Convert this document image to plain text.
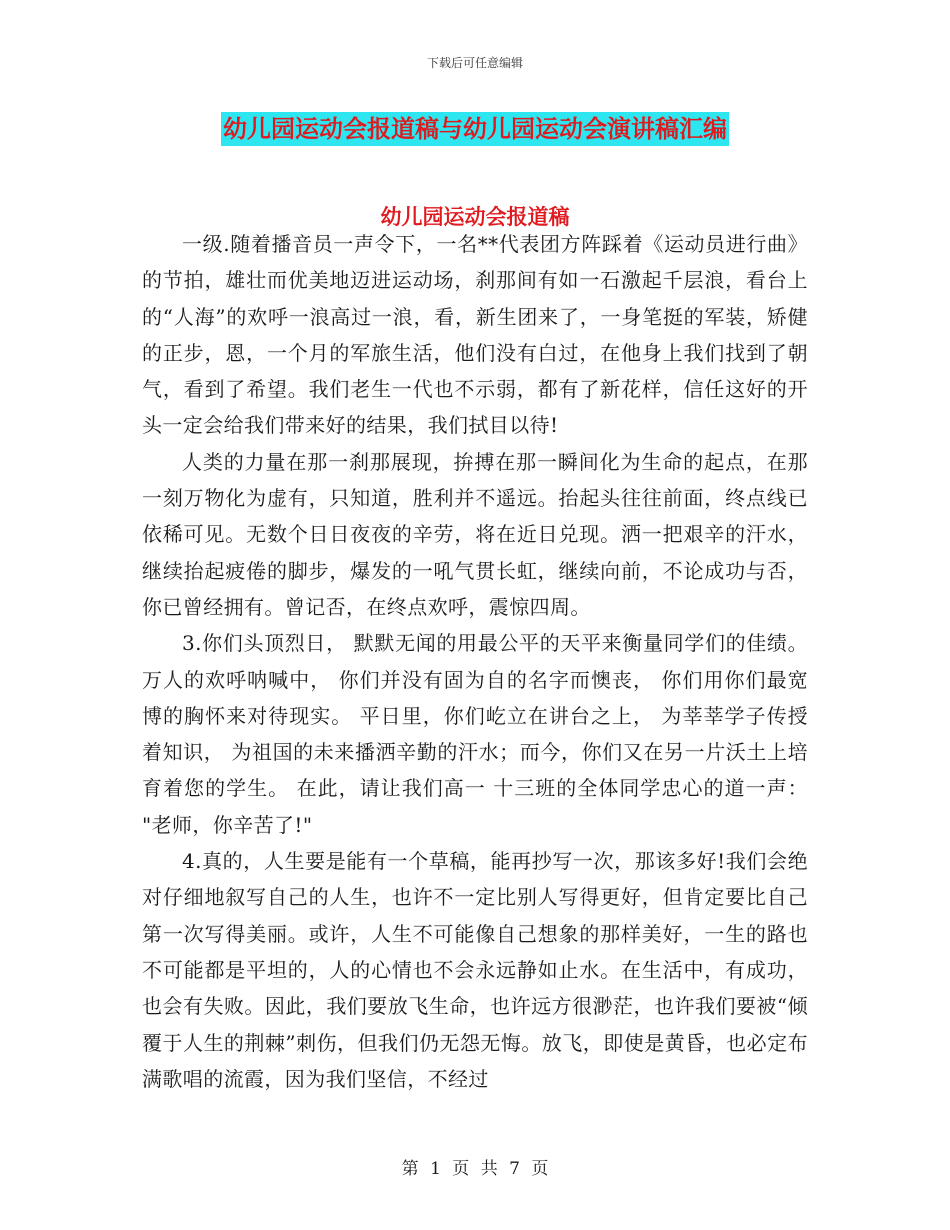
下载后可任意编辑
幼儿园运动会报道稿与幼儿园运动会演讲稿汇编
幼儿园运动会报道稿

一级.随着播音员一声令下，一名**代表团方阵踩着《运动员进行曲》的节拍，雄壮而优美地迈进运动场，刹那间有如一石激起千层浪，看台上的“人海”的欢呼一浪高过一浪，看，新生团来了，一身笔挺的军装，矫健的正步，恩，一个月的军旅生活，他们没有白过，在他身上我们找到了朝气，看到了希望。我们老生一代也不示弱，都有了新花样，信任这好的开头一定会给我们带来好的结果，我们拭目以待!

人类的力量在那一刹那展现，拚搏在那一瞬间化为生命的起点，在那一刻万物化为虚有，只知道，胜利并不遥远。抬起头往往前面，终点线已依稀可见。无数个日日夜夜的辛劳，将在近日兑现。洒一把艰辛的汗水，继续抬起疲倦的脚步，爆发的一吼气贯长虹，继续向前，不论成功与否，你已曾经拥有。曾记否，在终点欢呼，震惊四周。

3.你们头顶烈日， 默默无闻的用最公平的天平来衡量同学们的佳绩。 万人的欢呼呐喊中， 你们并没有固为自的名字而懊丧， 你们用你们最宽博的胸怀来对待现实。 平日里，你们屹立在讲台之上， 为莘莘学子传授着知识， 为祖国的未来播洒辛勤的汗水；而今，你们又在另一片沃土上培育着您的学生。 在此，请让我们高一 十三班的全体同学忠心的道一声： "老师，你辛苦了!"

4.真的，人生要是能有一个草稿，能再抄写一次，那该多好!我们会绝对仔细地叙写自己的人生，也许不一定比别人写得更好，但肯定要比自己第一次写得美丽。或许，人生不可能像自己想象的那样美好，一生的路也不可能都是平坦的，人的心情也不会永远静如止水。在生活中，有成功，也会有失败。因此，我们要放飞生命，也许远方很渺茫，也许我们要被“倾覆于人生的荆棘”刺伤，但我们仍无怨无悔。放飞，即使是黄昏，也必定布满歌唱的流霞，因为我们坚信，不经过

第 1 页 共 7 页
